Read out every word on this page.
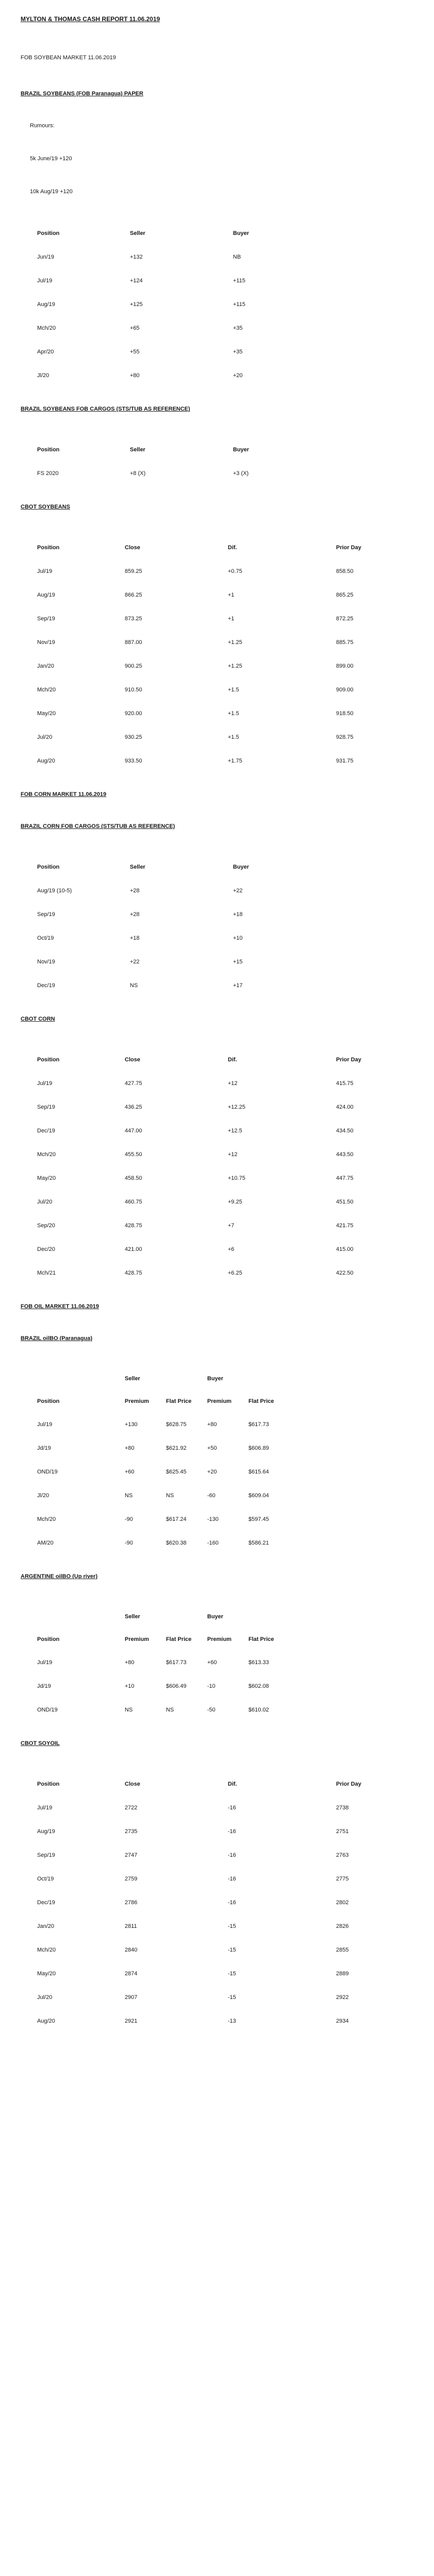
MYLTON & THOMAS CASH REPORT 11.06.2019
FOB SOYBEAN MARKET 11.06.2019
BRAZIL SOYBEANS (FOB Paranagua) PAPER
Rumours:
5k June/19 +120
10k Aug/19 +120
Position	Seller	Buyer	
Jun/19	+132	NB	
Jul/19	+124	+115	
Aug/19	+125	+115	
Mch/20	+65	+35	
Apr/20	+55	+35	
Jl/20	+80	+20	
BRAZIL SOYBEANS FOB CARGOS (STS/TUB AS REFERENCE)
Position	Seller	Buyer	
FS 2020	+8 (X)	+3 (X)	
CBOT SOYBEANS
Position	Close	Dif.	Prior Day
Jul/19	859.25	+0.75	858.50
Aug/19	866.25	+1	865.25
Sep/19	873.25	+1	872.25
Nov/19	887.00	+1.25	885.75
Jan/20	900.25	+1.25	899.00
Mch/20	910.50	+1.5	909.00
May/20	920.00	+1.5	918.50
Jul/20	930.25	+1.5	928.75
Aug/20	933.50	+1.75	931.75
FOB CORN MARKET 11.06.2019
BRAZIL CORN FOB CARGOS (STS/TUB AS REFERENCE)
Position	Seller	Buyer	
Aug/19 (10-5)	+28	+22	
Sep/19	+28	+18	
Oct/19	+18	+10	
Nov/19	+22	+15	
Dec/19	NS	+17	
CBOT CORN
Position	Close	Dif.	Prior Day
Jul/19	427.75	+12	415.75
Sep/19	436.25	+12.25	424.00
Dec/19	447.00	+12.5	434.50
Mch/20	455.50	+12	443.50
May/20	458.50	+10.75	447.75
Jul/20	460.75	+9.25	451.50
Sep/20	428.75	+7	421.75
Dec/20	421.00	+6	415.00
Mch/21	428.75	+6.25	422.50
FOB OIL MARKET 11.06.2019
BRAZIL oilBO (Paranagua)
	Seller		Buyer	
Position	Premium	Flat Price	Premium	Flat Price
Jul/19	+130	$628.75	+80	$617.73
Jd/19	+80	$621.92	+50	$606.89
OND/19	+60	$625.45	+20	$615.64
Jl/20	NS	NS	-60	$609.04
Mch/20	-90	$617.24	-130	$597.45
AM/20	-90	$620.38	-160	$586.21
ARGENTINE oilBO (Up river)
	Seller		Buyer	
Position	Premium	Flat Price	Premium	Flat Price
Jul/19	+80	$617.73	+60	$613.33
Jd/19	+10	$606.49	-10	$602.08
OND/19	NS	NS	-50	$610.02
CBOT SOYOIL
Position	Close	Dif.	Prior Day
Jul/19	2722	-16	2738
Aug/19	2735	-16	2751
Sep/19	2747	-16	2763
Oct/19	2759	-16	2775
Dec/19	2786	-16	2802
Jan/20	2811	-15	2826
Mch/20	2840	-15	2855
May/20	2874	-15	2889
Jul/20	2907	-15	2922
Aug/20	2921	-13	2934
